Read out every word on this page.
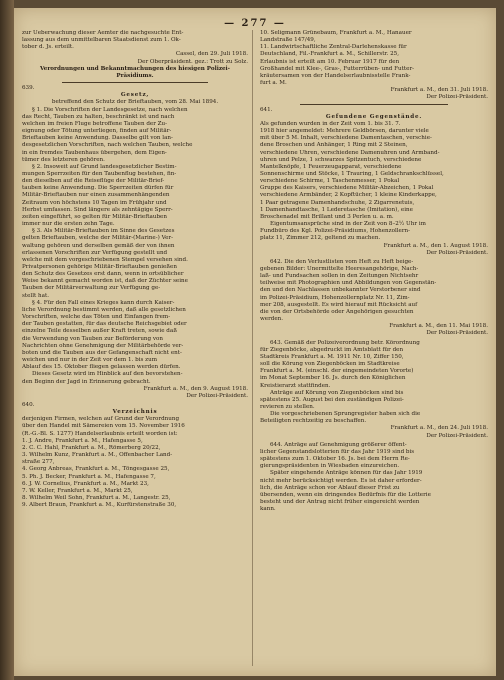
— 277 —

zur Ueberwachung dieser Aemter die nachgesuchte Ent-

lassung aus dem unmittelbaren Staatsdienst zum 1. Ok-

tober d. Js. erteilt.

Cassel, den 29. Juli 1918.

Der Oberpräsident. gez.: Trott zu Solz.

Verordnungen und Bekanntmachungen des hiesigen Polizei-Präsidiums.

639.

Gesetz,

betreffend den Schutz der Brieftauben, vom 28. Mai 1894.

§ 1. Die Vorschriften der Landesgesetze, nach welchen

das Recht, Tauben zu halten, beschränkt ist und nach

welchen im freien Fluge betroffene Tauben der Zu-

eignung oder Tötung unterliegen, finden auf Militär-

Brieftauben keine Anwendung. Dasselbe gilt von lan-

desgesetzlichen Vorschriften, nach welchen Tauben, welche

in ein fremdes Taubenhaus übergehen, dem Eigen-

tümer des letzteren gehören.

§ 2. Insoweit auf Grund landesgesetzlicher Bestim-

mungen Sperrzeiten für den Taubenflug bestehen, fin-

den dieselben auf die Reiseflüge der Militär-Brief-

tauben keine Anwendung. Die Sperrzeiten dürfen für

Militär-Brieftauben nur einen zusammenhängenden

Zeitraum von höchstens 10 Tagen im Frühjahr und

Herbst umfassen. Sind längere als zehntägige Sperr-

zeiten eingeführt, so gelten für Militär-Brieftauben

immer nur die ersten zehn Tage.

§ 3. Als Militär-Brieftauben im Sinne des Gesetzes

gelten Brieftauben, welche der Militär-(Marine-) Ver-

waltung gehören und derselben gemäß der von ihnen

erlassenen Vorschriften zur Verfügung gestellt und

welche mit dem vorgeschriebenen Stempel versehen sind.

Privatpersonen gehörige Militär-Brieftauben genießen

den Schutz des Gesetzes erst dann, wenn in ortsüblicher

Weise bekannt gemacht worden ist, daß der Züchter seine

Tauben der Militärverwaltung zur Verfügung ge-

stellt hat.

§ 4. Für den Fall eines Krieges kann durch Kaiser-

liche Verordnung bestimmt werden, daß alle gesetzlichen

Vorschriften, welche das Töten und Einfangen frem-

der Tauben gestatten, für das deutsche Reichsgebiet oder

einzelne Teile desselben außer Kraft treten, sowie daß

die Verwendung von Tauben zur Beförderung von

Nachrichten ohne Genehmigung der Militärbehörde ver-

boten und die Tauben aus der Gefangenschaft nicht ent-

weichen und nur in der Zeit vor dem 1. bis zum

Ablauf des 15. Oktober fliegen gelassen werden dürfen.

Dieses Gesetz wird im Hinblick auf den bevorstehen-

den Beginn der Jagd in Erinnerung gebracht.

Frankfurt a. M., den 9. August 1918.

Der Polizei-Präsident.

640.

Verzeichnis

derjenigen Firmen, welchen auf Grund der Verordnung

über den Handel mit Sämereien vom 15. November 1916

(R.-G.-Bl. S. 1277) Handelserlaubnis erteilt worden ist:

1. J. Andre, Frankfurt a. M., Hafengasse 5,

2. C. C. Hahl, Frankfurt a. M., Römerberg 20/22,

3. Wilhelm Kunz, Frankfurt a. M., Offenbacher Land-

straße 277,

4. Georg Anbreas, Frankfurt a. M., Töngesgasse 25,

5. Ph. J. Becker, Frankfurt a. M., Hafengasse 7,

6. J. W. Cornelius, Frankfurt a. M., Markt 23,

7. W. Keller, Frankfurt a. M., Markt 25,

8. Wilhelm Weil Sohn, Frankfurt a. M., Langestr. 25,

9. Albert Braun, Frankfurt a. M., Kurfürstenstraße 30,

10. Seligmann Grünebaum, Frankfurt a. M., Hanauer

Landstraße 147/49,

11. Landwirtschaftliche Zentral-Darlehenskasse für

Deutschland, Fil.-Frankfurt a. M., Schillerstr. 25,

Erlaubnis ist erteilt am 10. Februar 1917 für den

Großhandel mit Klee-, Gras-, Futterrüben- und Futter-

kräutersamen von der Handelserlaubnisstelle Frank-

furt a. M.

Frankfurt a. M., den 31. Juli 1918.

Der Polizei-Präsident.

641.

Gefundene Gegenstände.

Als gefunden wurden in der Zeit vom 1. bis 31. 7.

1918 hier angemeldet: Mehrere Geldbörsen, darunter viele

mit über 5 M. Inhalt, verschiedene Damentaschen, verschie-

dene Broschen und Anhänger, 1 Ring mit 2 Steinen,

verschiedene Uhren, verschiedene Damenuhren und Armband-

uhren und Pelze, 1 schwarzes Spitzentuch, verschiedene

Mantelknöpfe, 1 Feuerzeugapparat, verschiedene

Sonnenschirme und Stöcke, 1 Trauring, 1 Geldschrankschlüssel,

verschiedene Schirme, 1 Taschenmesser, 1 Pokal

Gruppe des Kaisers, verschiedene Militär-Abzeichen, 1 Pokal

verschiedene Armbänder, 2 Kopftücher, 1 kleine Kinderkappe,

1 Paar getragene Damenhandschuhe, 2 Zigarrenetuis,

1 Damenhandtasche, 1 Lederetasche (Imitation), eine

Broschenadel mit Brillant und 3 Perlen u. a. m.

Eigentumsansprüche sind in der Zeit von 8–2½ Uhr im

Fundbüro des Kgl. Polizei-Präsidiums, Hohenzollern-

platz 11, Zimmer 212, geltend zu machen.

Frankfurt a. M., den 1. August 1918.

Der Polizei-Präsident.

642. Die den Verlustlisten vom Heft zu Heft beige-

gebenen Bilder: Unermittelte Heeresangehörige, Nach-

laß- und Fundsachen sollen in den Zeitungen Nichtsehr

teilweise mit Photographien und Abbildungen von Gegenstän-

den und den Nachlassen unbekannter Verstorbener sind

im Polizei-Präsidium, Hohenzollernplatz Nr. 11, Zim-

mer 208, ausgestellt. Es wird hierauf mit Rücksicht auf

die von der Ortsbehörde oder Angehörigen gesuchten

werden.

Frankfurt a. M., den 11. Mai 1918.

Der Polizei-Präsident.

643. Gemäß der Polizeiverordnung betr. Körordnung

für Ziegenböcke, abgedruckt im Amtsblatt für den

Stadtkreis Frankfurt a. M. 1911 Nr. 10, Ziffer 150,

soll die Körung von Ziegenböcken im Stadtkreise

Frankfurt a. M. (einschl. der eingemeindeten Vororte)

im Monat September 16. Js. durch den Königlichen

Kreistierarzt stattfinden.

Anträge auf Körung von Ziegenböcken sind bis

spätestens 25. August bei den zuständigen Polizei-

revieren zu stellen.

Die vorgeschriebenen Sprungregister haben sich die

Beteiligten rechtzeitig zu beschaffen.

Frankfurt a. M., den 24. Juli 1918.

Der Polizei-Präsident.

644. Anträge auf Genehmigung größerer öffent-

licher Gegenstandslotterien für das Jahr 1919 sind bis

spätestens zum 1. Oktober 16. Js. bei dem Herrn Re-

gierungspräsidenten in Wiesbaden einzureichen.

Später eingehende Anträge können für das Jahr 1919

nicht mehr berücksichtigt werden. Es ist daher erforder-

lich, die Anträge schon vor Ablauf dieser Frist zu

übersenden, wenn ein dringendes Bedürfnis für die Lotterie

besteht und der Antrag nicht früher eingereicht werden

kann.
